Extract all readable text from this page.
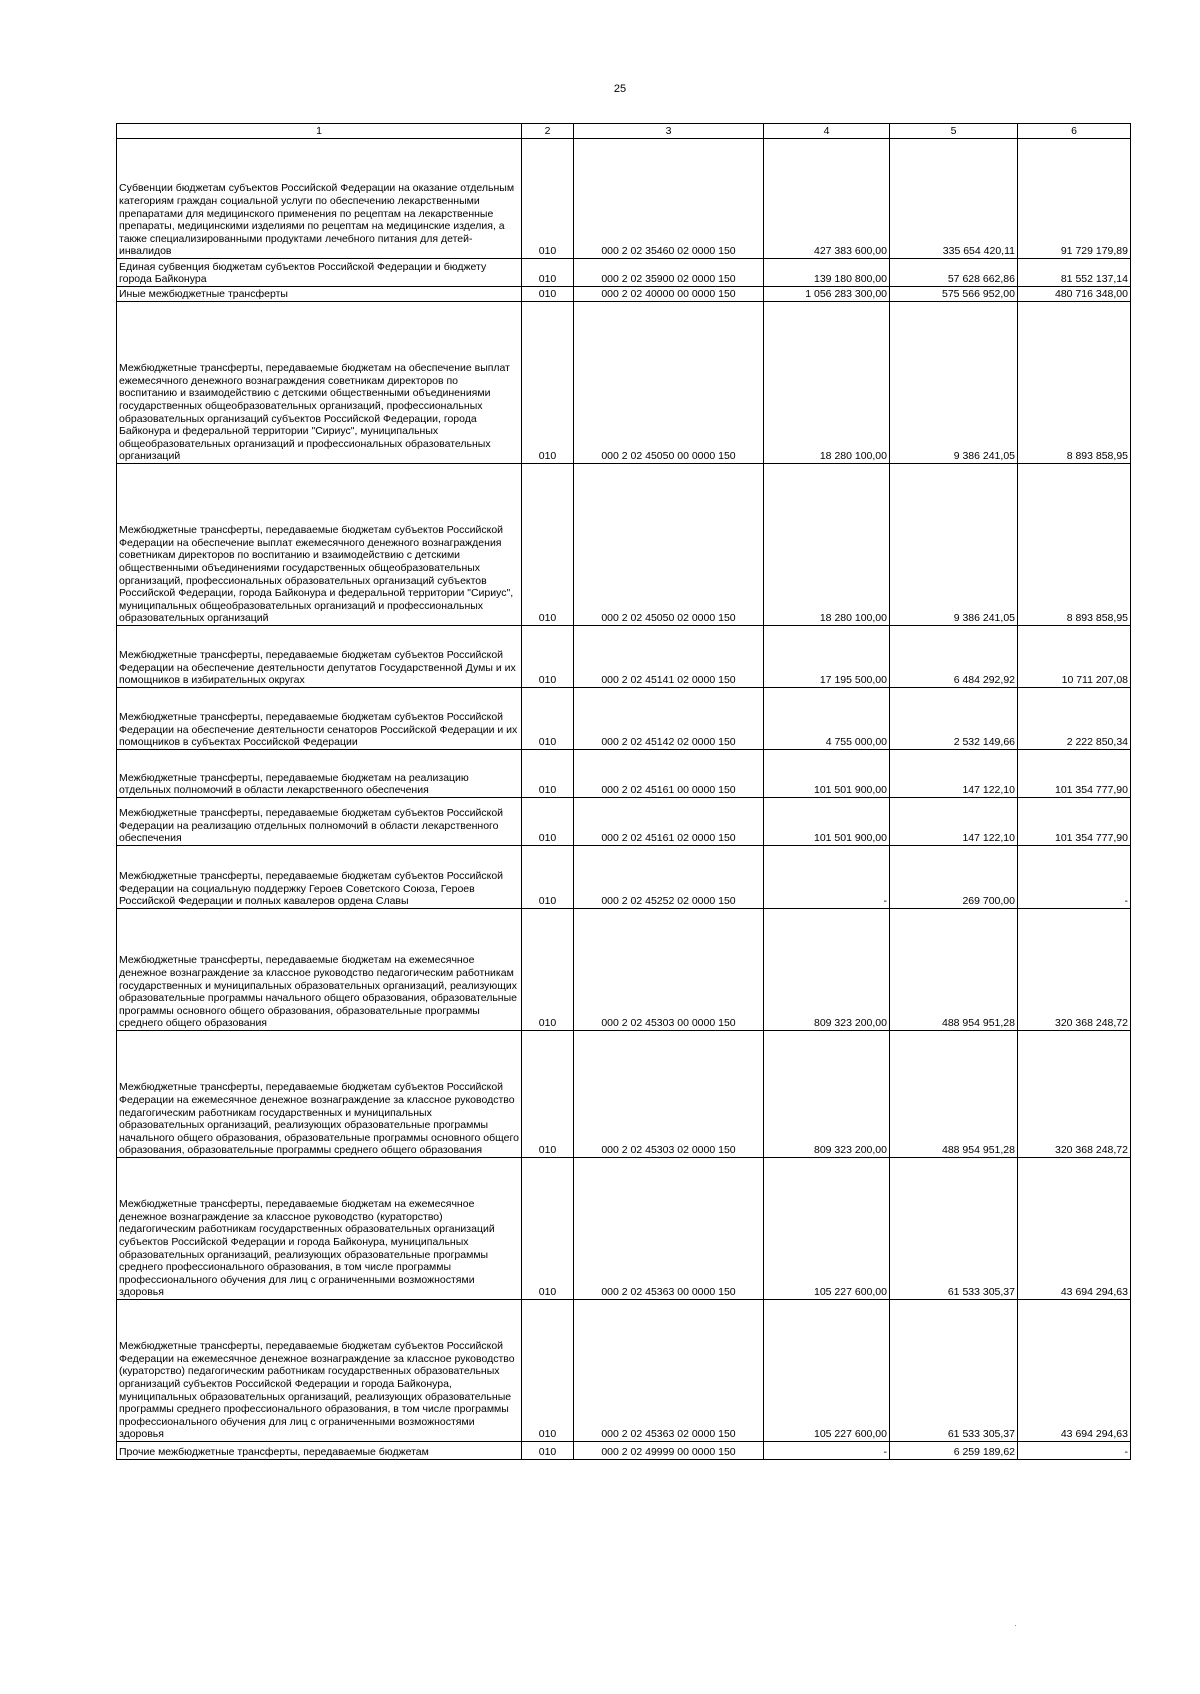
25
1	2	3	4	5	6
Субвенции бюджетам субъектов Российской Федерации на оказание отдельным категориям граждан социальной услуги по обеспечению лекарственными препаратами для медицинского применения по рецептам на лекарственные препараты, медицинскими изделиями по рецептам на медицинские изделия, а также специализированными продуктами лечебного питания для детей-инвалидов	010	000 2 02 35460 02 0000 150	427 383 600,00	335 654 420,11	91 729 179,89
Единая субвенция бюджетам субъектов Российской Федерации и бюджету города Байконура	010	000 2 02 35900 02 0000 150	139 180 800,00	57 628 662,86	81 552 137,14
Иные межбюджетные трансферты	010	000 2 02 40000 00 0000 150	1 056 283 300,00	575 566 952,00	480 716 348,00
Межбюджетные трансферты, передаваемые бюджетам на обеспечение выплат ежемесячного денежного вознаграждения советникам директоров по воспитанию и взаимодействию с детскими общественными объединениями государственных общеобразовательных организаций, профессиональных образовательных организаций субъектов Российской Федерации, города Байконура и федеральной территории "Сириус", муниципальных общеобразовательных организаций и профессиональных образовательных организаций	010	000 2 02 45050 00 0000 150	18 280 100,00	9 386 241,05	8 893 858,95
Межбюджетные трансферты, передаваемые бюджетам субъектов Российской Федерации на обеспечение выплат ежемесячного денежного вознаграждения советникам директоров по воспитанию и взаимодействию с детскими общественными объединениями государственных общеобразовательных организаций, профессиональных образовательных организаций субъектов Российской Федерации, города Байконура и федеральной территории "Сириус", муниципальных общеобразовательных организаций и профессиональных образовательных организаций	010	000 2 02 45050 02 0000 150	18 280 100,00	9 386 241,05	8 893 858,95
Межбюджетные трансферты, передаваемые бюджетам субъектов Российской Федерации на обеспечение деятельности депутатов Государственной Думы и их помощников в избирательных округах	010	000 2 02 45141 02 0000 150	17 195 500,00	6 484 292,92	10 711 207,08
Межбюджетные трансферты, передаваемые бюджетам субъектов Российской Федерации на обеспечение деятельности сенаторов Российской Федерации и их помощников в субъектах Российской Федерации	010	000 2 02 45142 02 0000 150	4 755 000,00	2 532 149,66	2 222 850,34
Межбюджетные трансферты, передаваемые бюджетам на реализацию отдельных полномочий в области лекарственного обеспечения	010	000 2 02 45161 00 0000 150	101 501 900,00	147 122,10	101 354 777,90
Межбюджетные трансферты, передаваемые бюджетам субъектов Российской Федерации на реализацию отдельных полномочий в области лекарственного обеспечения	010	000 2 02 45161 02 0000 150	101 501 900,00	147 122,10	101 354 777,90
Межбюджетные трансферты, передаваемые бюджетам субъектов Российской Федерации на социальную поддержку Героев Советского Союза, Героев Российской Федерации и полных кавалеров ордена Славы	010	000 2 02 45252 02 0000 150	-	269 700,00	-
Межбюджетные трансферты, передаваемые бюджетам на ежемесячное денежное вознаграждение за классное руководство педагогическим работникам государственных и муниципальных образовательных организаций, реализующих образовательные программы начального общего образования, образовательные программы основного общего образования, образовательные программы среднего общего образования	010	000 2 02 45303 00 0000 150	809 323 200,00	488 954 951,28	320 368 248,72
Межбюджетные трансферты, передаваемые бюджетам субъектов Российской Федерации на ежемесячное денежное вознаграждение за классное руководство педагогическим работникам государственных и муниципальных образовательных организаций, реализующих образовательные программы начального общего образования, образовательные программы основного общего образования, образовательные программы среднего общего образования	010	000 2 02 45303 02 0000 150	809 323 200,00	488 954 951,28	320 368 248,72
Межбюджетные трансферты, передаваемые бюджетам на ежемесячное денежное вознаграждение за классное руководство (кураторство) педагогическим работникам государственных образовательных организаций субъектов Российской Федерации и города Байконура, муниципальных образовательных организаций, реализующих образовательные программы среднего профессионального образования, в том числе программы профессионального обучения для лиц с ограниченными возможностями здоровья	010	000 2 02 45363 00 0000 150	105 227 600,00	61 533 305,37	43 694 294,63
Межбюджетные трансферты, передаваемые бюджетам субъектов Российской Федерации на ежемесячное денежное вознаграждение за классное руководство (кураторство) педагогическим работникам государственных образовательных организаций субъектов Российской Федерации и города Байконура, муниципальных образовательных организаций, реализующих образовательные программы среднего профессионального образования, в том числе программы профессионального обучения для лиц с ограниченными возможностями здоровья	010	000 2 02 45363 02 0000 150	105 227 600,00	61 533 305,37	43 694 294,63
Прочие межбюджетные трансферты, передаваемые бюджетам	010	000 2 02 49999 00 0000 150	-	6 259 189,62	-
·
